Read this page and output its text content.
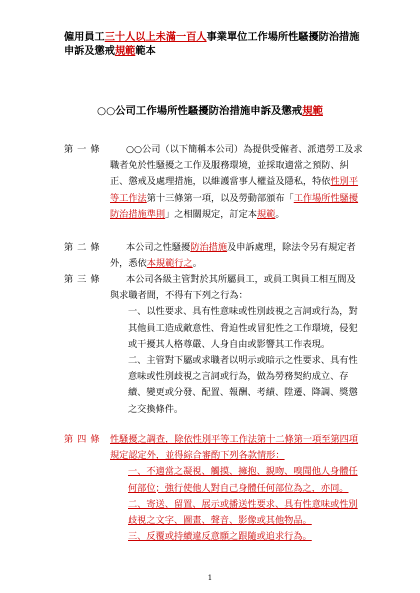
僱用員工三十人以上未滿一百人事業單位工作場所性騷擾防治措施申訴及懲戒規範範本
○○公司工作場所性騷擾防治措施申訴及懲戒規範
第一條	○○公司（以下簡稱本公司）為提供受僱者、派遣勞工及求職者免於性騷擾之工作及服務環境，並採取適當之預防、糾正、懲戒及處理措施，以維護當事人權益及隱私，特依性別平等工作法第十三條第一項，以及勞動部頒布「工作場所性騷擾防治措施準則」之相關規定，訂定本規範。

第二條	本公司之性騷擾防治措施及申訴處理，除法令另有規定者外，悉依本規範行之。

第三條	本公司各級主管對於其所屬員工，或員工與員工相互間及與求職者間，不得有下列之行為：

一、以性要求、具有性意味或性別歧視之言詞或行為，對其他員工造成敵意性、脅迫性或冒犯性之工作環境，侵犯或干擾其人格尊嚴、人身自由或影響其工作表現。

二、主管對下屬或求職者以明示或暗示之性要求、具有性意味或性別歧視之言詞或行為，做為勞務契約成立、存續、變更或分發、配置、報酬、考績、陞遷、降調、獎懲之交換條件。

第四條 性騷擾之調查，除依性別平等工作法第十二條第一項至第四項規定認定外，並得綜合審酌下列各款情形：

一、不適當之凝視、觸摸、擁抱、親吻、嗅聞他人身體任何部位；強行使他人對自己身體任何部位為之，亦同。

二、寄送、留置、展示或播送性要求、具有性意味或性別歧視之文字、圖畫、聲音、影像或其他物品。

三、反覆或持續違反意願之跟隨或追求行為。

1
